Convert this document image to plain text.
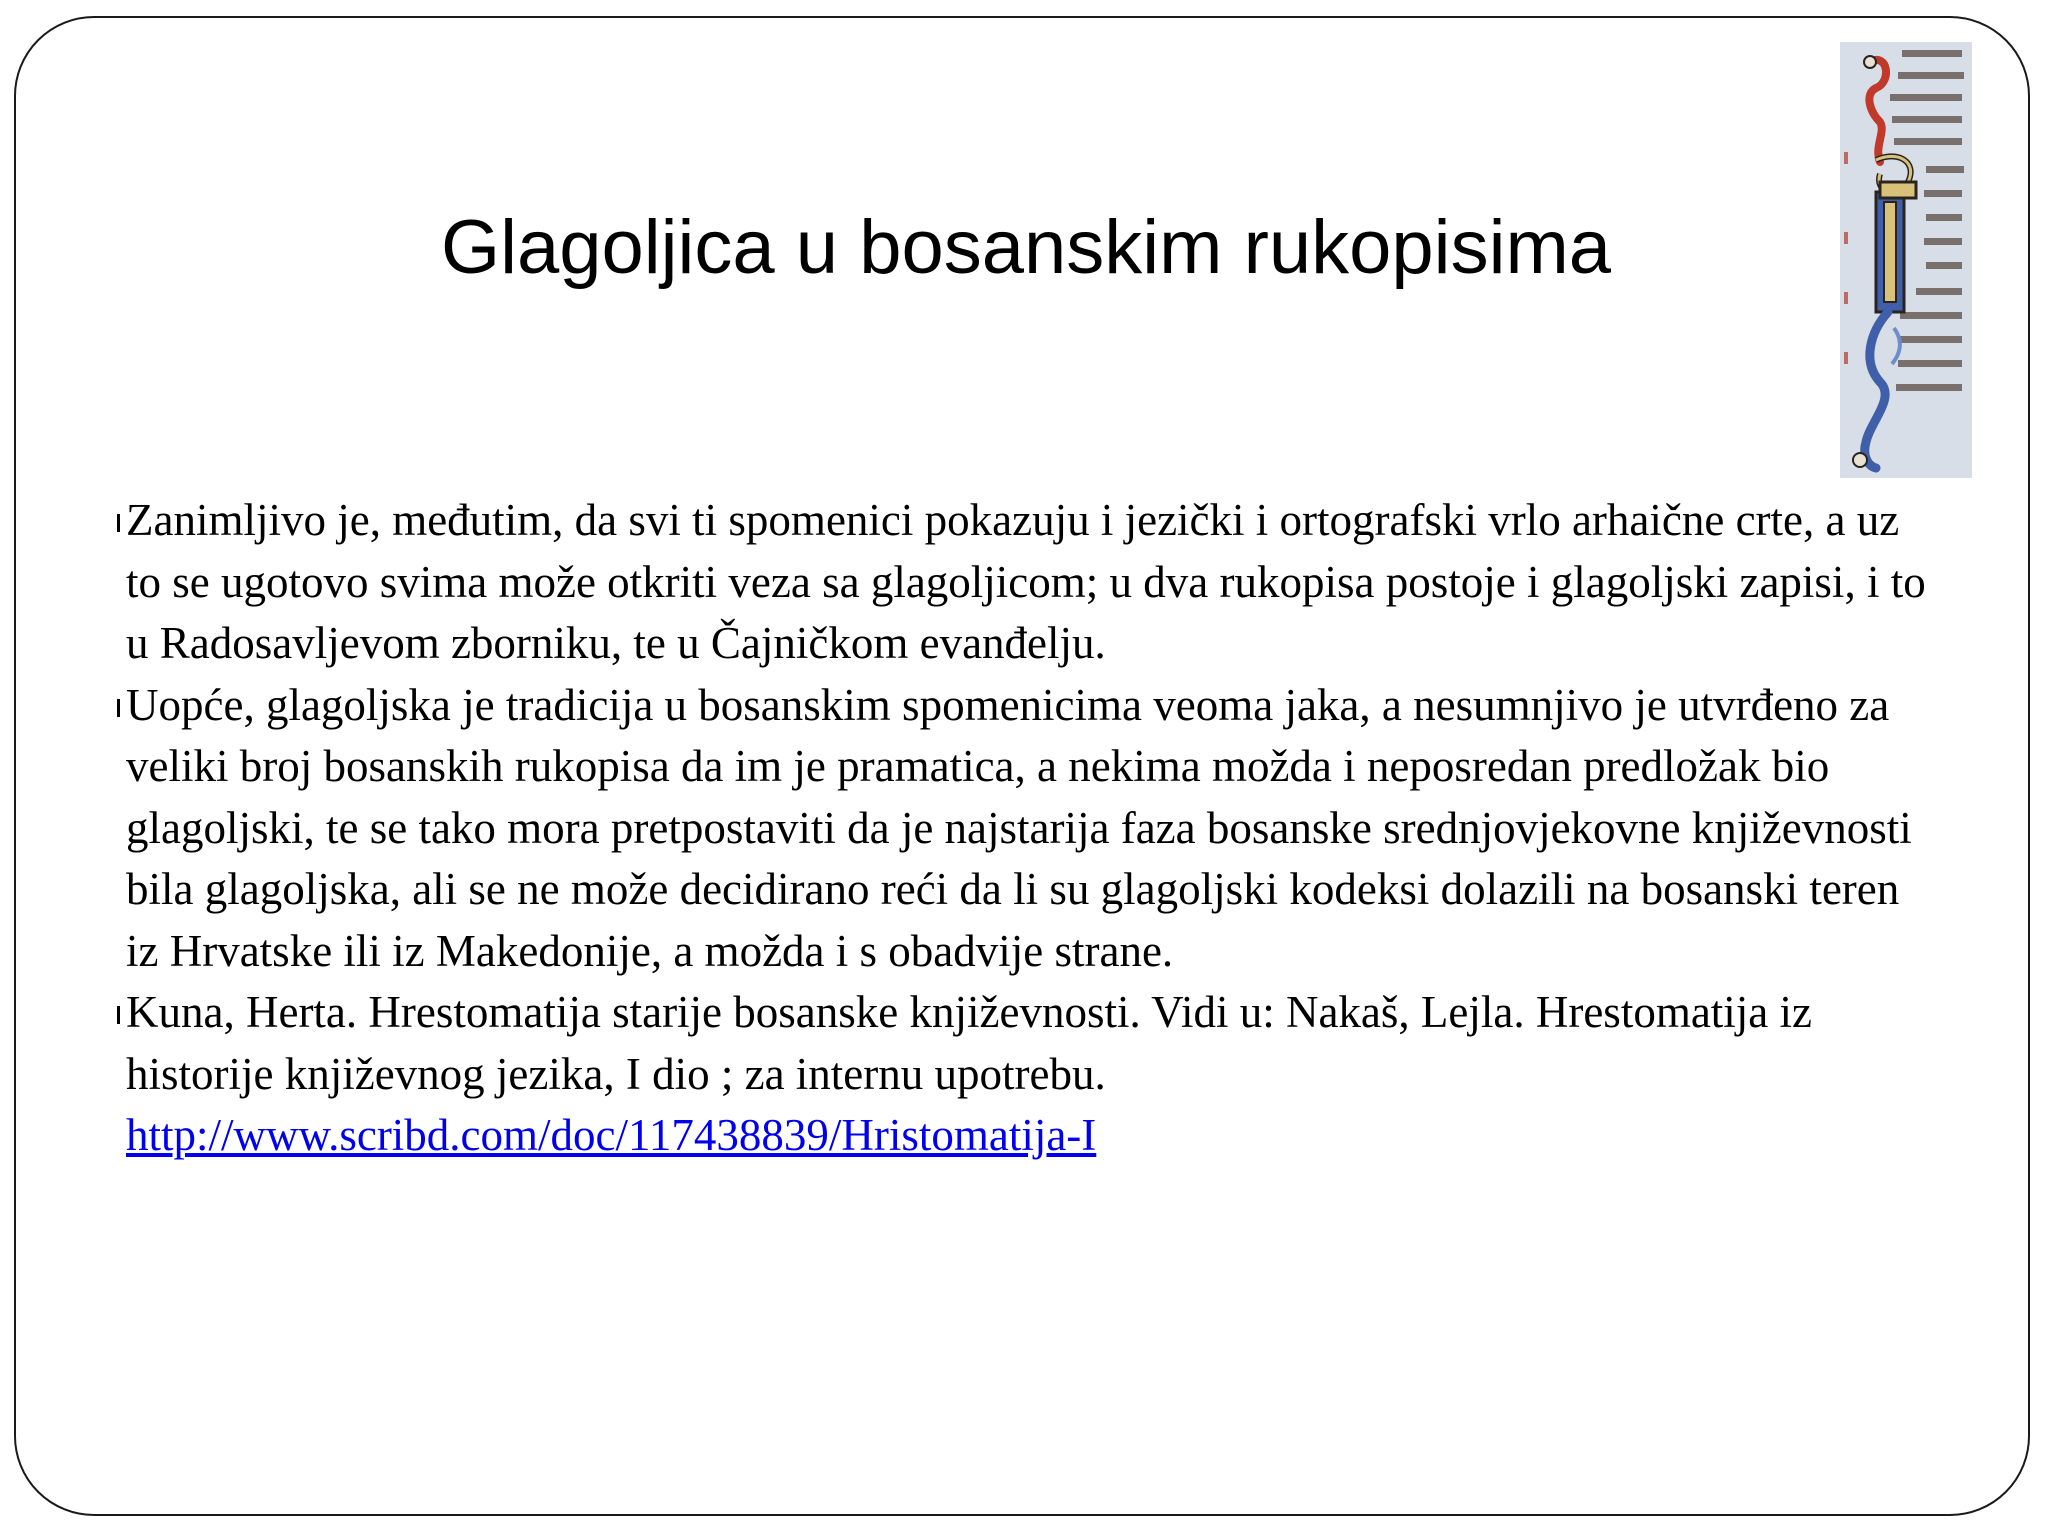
Glagoljica u bosanskim rukopisima

Zanimljivo je, međutim, da svi ti spomenici pokazuju i jezički i ortografski vrlo arhaične crte, a uz to se ugotovo svima može otkriti veza sa glagoljicom; u dva rukopisa postoje i glagoljski zapisi, i to u Radosavljevom zborniku, te u Čajničkom evanđelju.

Uopće, glagoljska je tradicija u bosanskim spomenicima veoma jaka, a nesumnjivo je utvrđeno za veliki broj bosanskih rukopisa da im je pramatica, a nekima možda i neposredan predložak bio glagoljski, te se tako mora pretpostaviti da je najstarija faza bosanske srednjovjekovne književnosti bila glagoljska, ali se ne može decidirano reći da li su glagoljski kodeksi dolazili na bosanski teren iz Hrvatske ili iz Makedonije, a možda i s obadvije strane.

Kuna, Herta. Hrestomatija starije bosanske književnosti. Vidi u: Nakaš, Lejla. Hrestomatija iz historije književnog jezika, I dio ; za internu upotrebu.
http://www.scribd.com/doc/117438839/Hristomatija-I
